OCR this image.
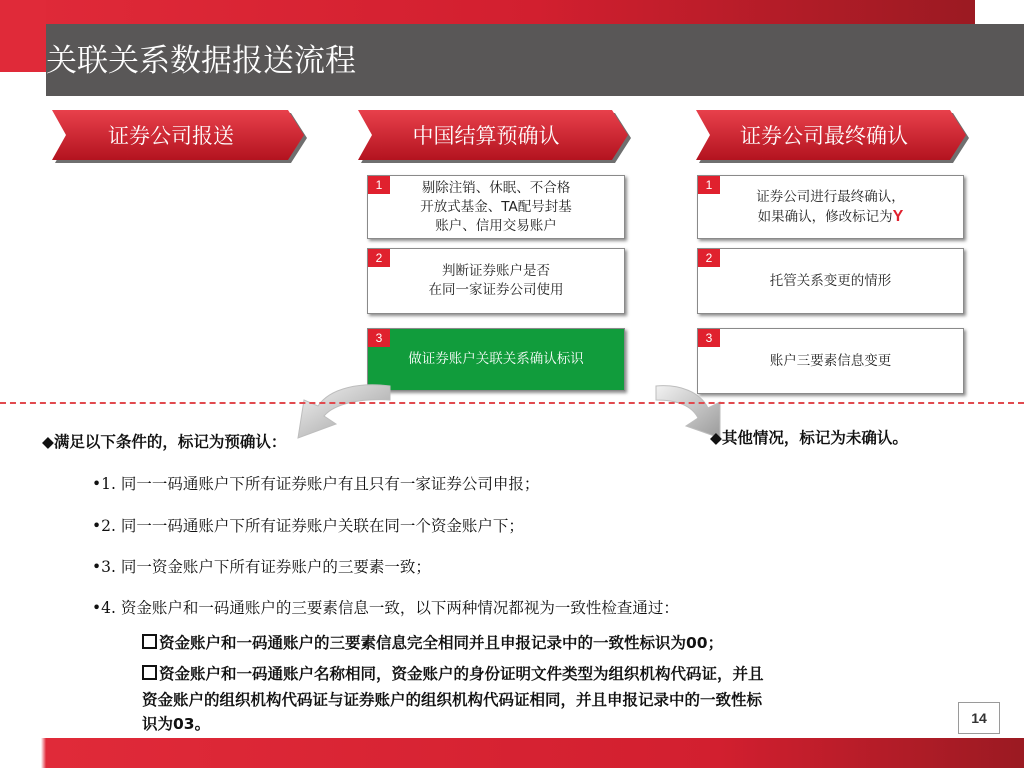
关联关系数据报送流程
证券公司报送	中国结算预确认	证券公司最终确认
1	剔除注销、休眠、不合格
开放式基金、TA配号封基
账户、信用交易账户
2
判断证券账户是否
在同一家证券公司使用
3
做证券账户关联关系确认标识
1
证券公司进行最终确认，
如果确认，修改标记为Y
2
托管关系变更的情形
3
账户三要素信息变更
◆满足以下条件的，标记为预确认：	◆其他情况，标记为未确认。
•1. 同一一码通账户下所有证券账户有且只有一家证券公司申报；
•2. 同一一码通账户下所有证券账户关联在同一个资金账户下；
•3. 同一资金账户下所有证券账户的三要素一致；
•4. 资金账户和一码通账户的三要素信息一致，以下两种情况都视为一致性检查通过：
资金账户和一码通账户的三要素信息完全相同并且申报记录中的一致性标识为00；
资金账户和一码通账户名称相同，资金账户的身份证明文件类型为组织机构代码证，并且
资金账户的组织机构代码证与证券账户的组织机构代码证相同，并且申报记录中的一致性标
识为03。	14
